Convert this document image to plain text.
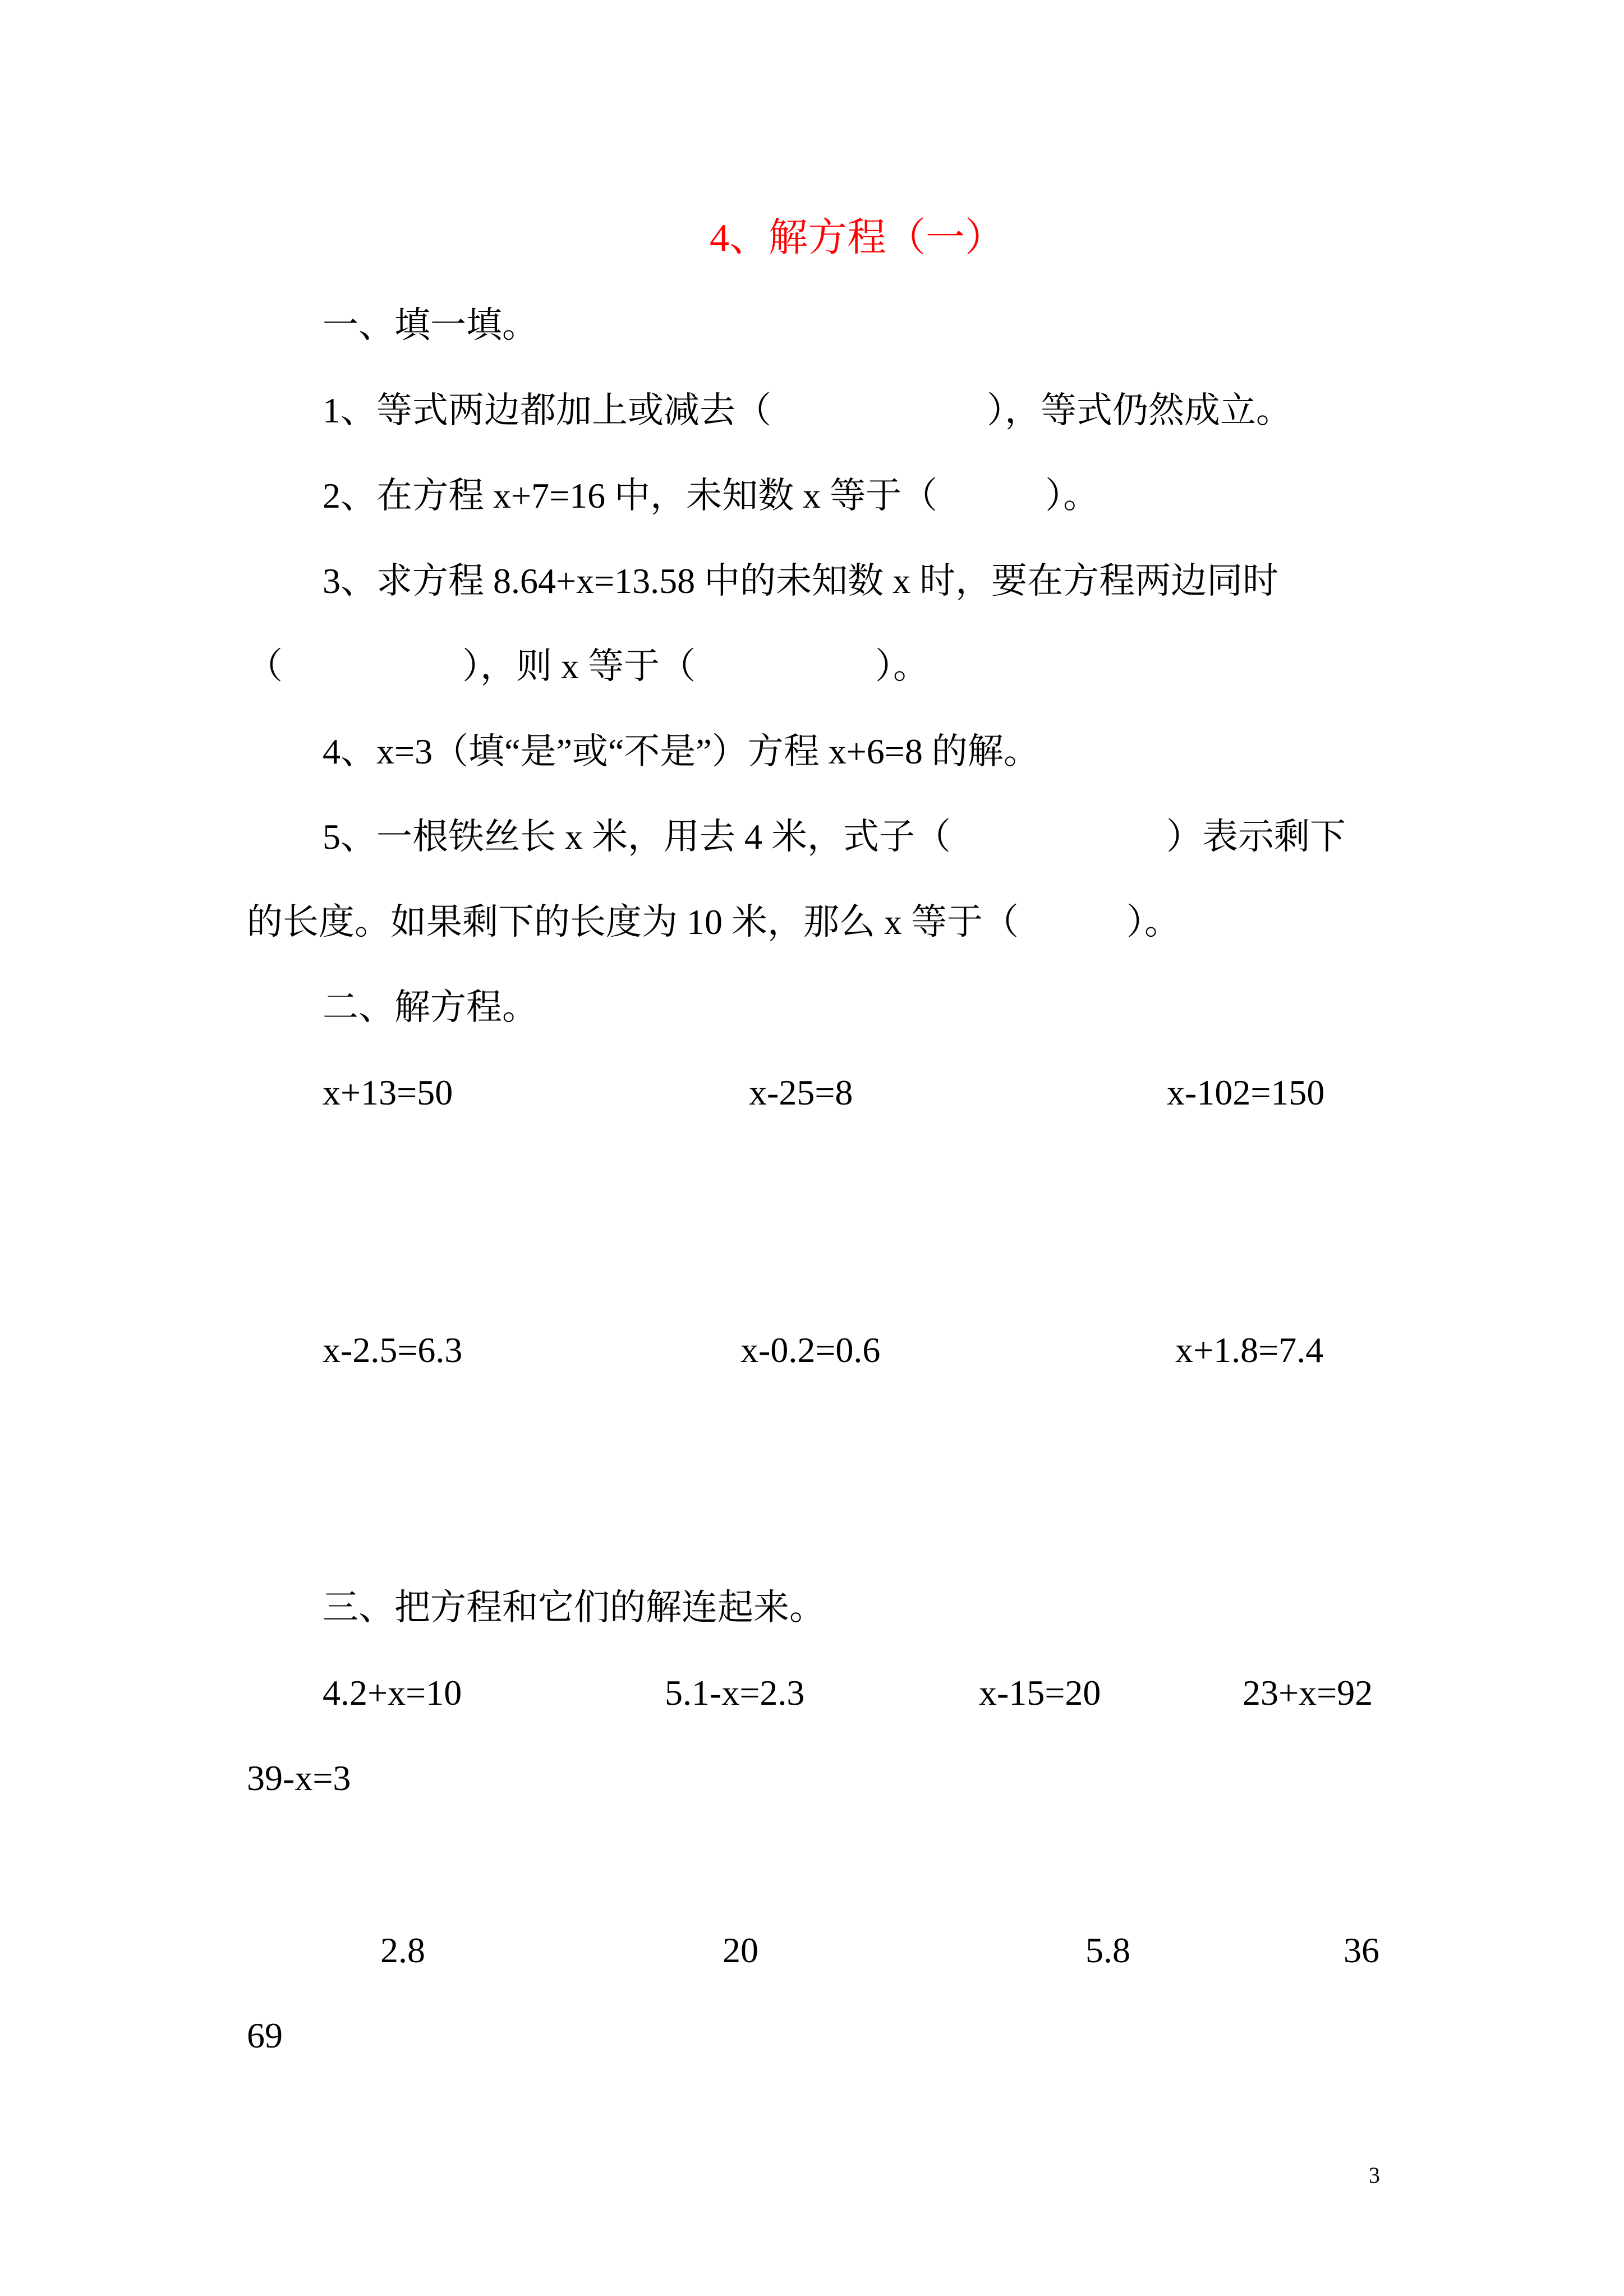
4、解方程（一）
一、填一填。
1、等式两边都加上或减去（　　　　　　），等式仍然成立。
2、在方程 x+7=16 中，未知数 x 等于（　　　）。
3、求方程 8.64+x=13.58 中的未知数 x 时，要在方程两边同时
（　　　　　），则 x 等于（　　　　　）。
4、x=3（填“是”或“不是”）方程 x+6=8 的解。
5、一根铁丝长 x 米，用去 4 米，式子（　　　　　　）表示剩下
的长度。如果剩下的长度为 10 米，那么 x 等于（　　　）。
二、解方程。
x+13=50	x-25=8	x-102=150
x-2.5=6.3	x-0.2=0.6	x+1.8=7.4
三、把方程和它们的解连起来。
4.2+x=10	5.1-x=2.3	x-15=20	23+x=92
39-x=3
2.8	20	5.8	36
69
3
